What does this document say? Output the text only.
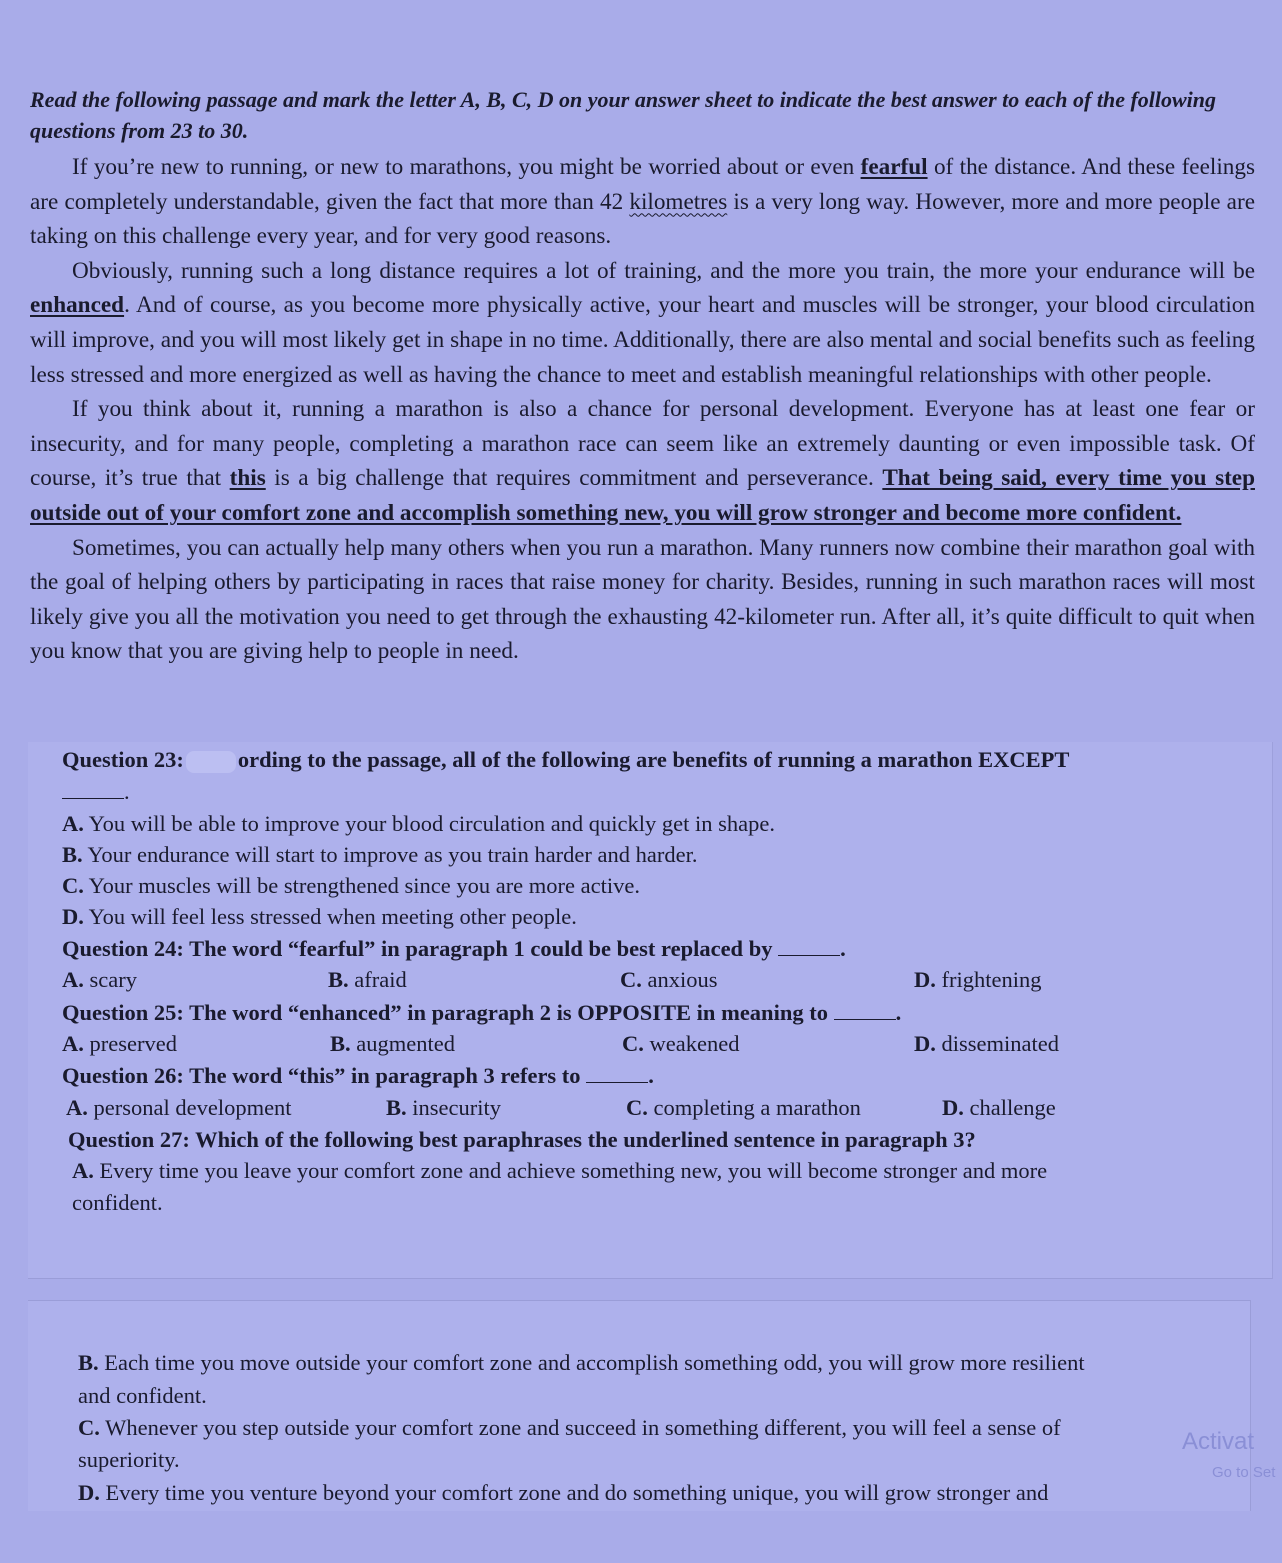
Read the following passage and mark the letter A, B, C, D on your answer sheet to indicate the best answer to each of the following questions from 23 to 30.

If you’re new to running, or new to marathons, you might be worried about or even fearful of the distance. And these feelings are completely understandable, given the fact that more than 42 kilometres is a very long way. However, more and more people are taking on this challenge every year, and for very good reasons.

Obviously, running such a long distance requires a lot of training, and the more you train, the more your endurance will be enhanced. And of course, as you become more physically active, your heart and muscles will be stronger, your blood circulation will improve, and you will most likely get in shape in no time. Additionally, there are also mental and social benefits such as feeling less stressed and more energized as well as having the chance to meet and establish meaningful relationships with other people.

If you think about it, running a marathon is also a chance for personal development. Everyone has at least one fear or insecurity, and for many people, completing a marathon race can seem like an extremely daunting or even impossible task. Of course, it’s true that this is a big challenge that requires commitment and perseverance. That being said, every time you step outside out of your comfort zone and accomplish something new, you will grow stronger and become more confident.

Sometimes, you can actually help many others when you run a marathon. Many runners now combine their marathon goal with the goal of helping others by participating in races that raise money for charity. Besides, running in such marathon races will most likely give you all the motivation you need to get through the exhausting 42-kilometer run. After all, it’s quite difficult to quit when you know that you are giving help to people in need.

Question 23: ording to the passage, all of the following are benefits of running a marathon EXCEPT
.
A. You will be able to improve your blood circulation and quickly get in shape.
B. Your endurance will start to improve as you train harder and harder.
C. Your muscles will be strengthened since you are more active.
D. You will feel less stressed when meeting other people.
Question 24: The word “fearful” in paragraph 1 could be best replaced by	.
A. scary	B. afraid	C. anxious	D. frightening
Question 25: The word “enhanced” in paragraph 2 is OPPOSITE in meaning to	.
A. preserved	B. augmented	C. weakened	D. disseminated
Question 26: The word “this” in paragraph 3 refers to	.
A. personal development	B. insecurity	C. completing a marathon	D. challenge
Question 27: Which of the following best paraphrases the underlined sentence in paragraph 3?
A. Every time you leave your comfort zone and achieve something new, you will become stronger and more
confident.
B. Each time you move outside your comfort zone and accomplish something odd, you will grow more resilient
and confident.
C. Whenever you step outside your comfort zone and succeed in something different, you will feel a sense of
superiority.
D. Every time you venture beyond your comfort zone and do something unique, you will grow stronger and
Activat
Go to Set
